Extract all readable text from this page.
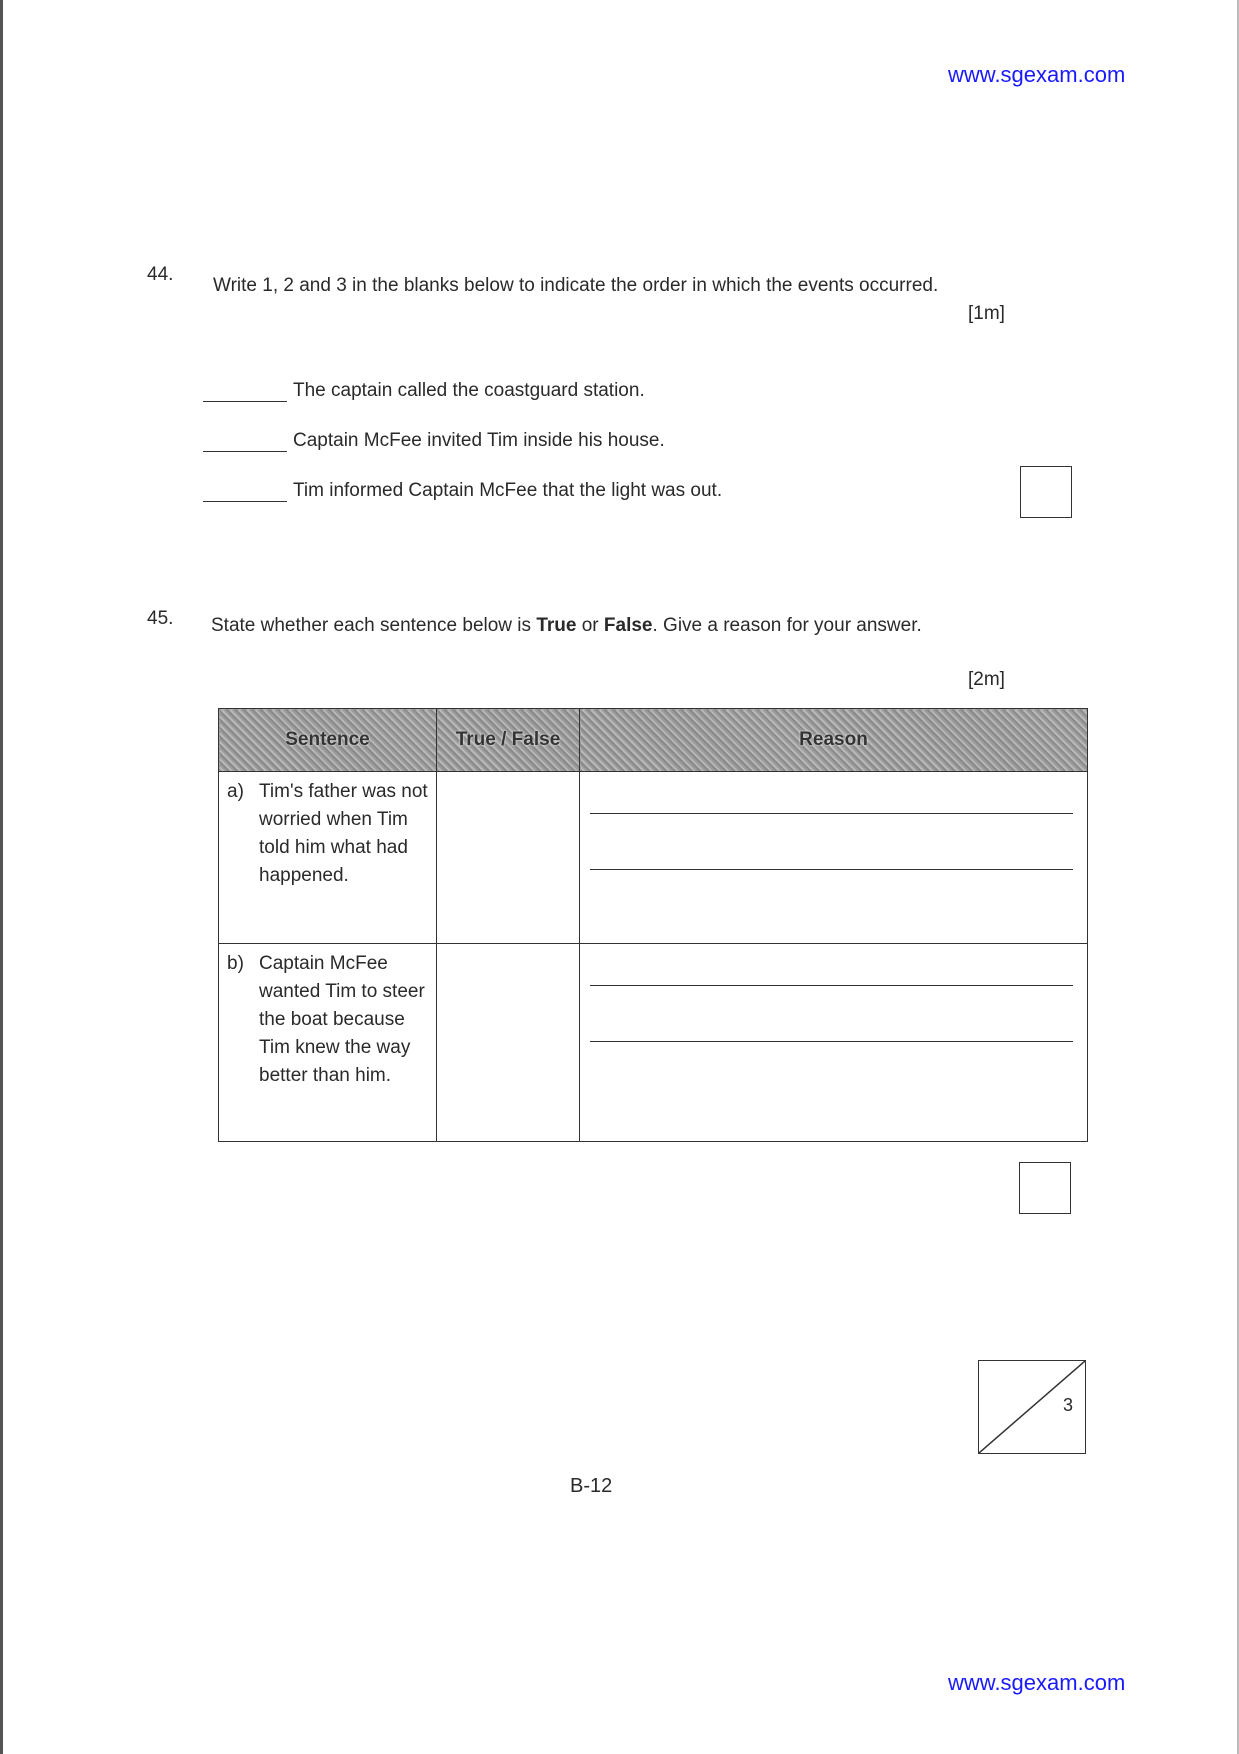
www.sgexam.com
44.
Write 1, 2 and 3 in the blanks below to indicate the order in which the events occurred.
[1m]
The captain called the coastguard station.
Captain McFee invited Tim inside his house.
Tim informed Captain McFee that the light was out.
45. State whether each sentence below is True or False. Give a reason for your answer.
[2m]
Sentence	True / False	Reason

a) Tim's father was not worried when Tim told him what had happened.		

b) Captain McFee wanted Tim to steer the boat because Tim knew the way better than him.		

3
B-12
www.sgexam.com
